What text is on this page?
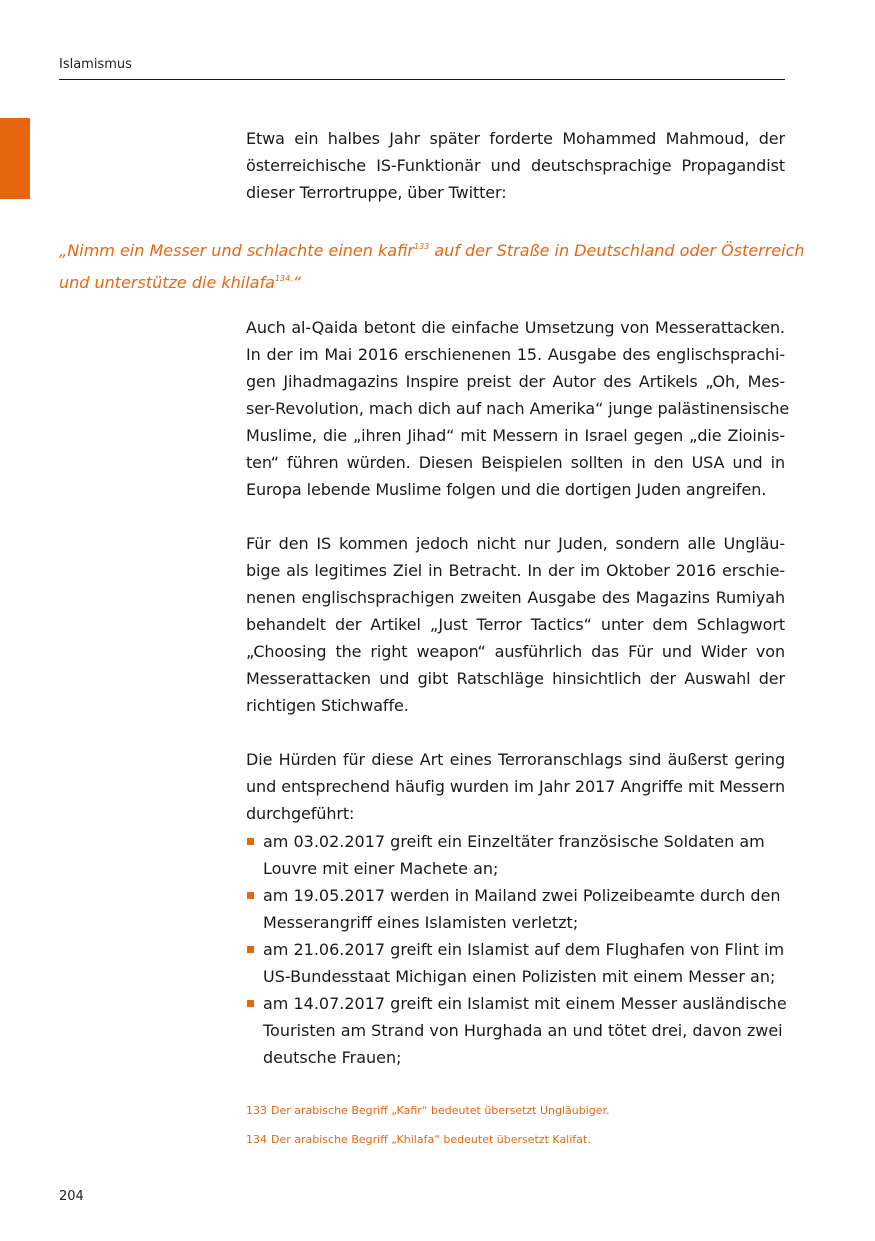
Islamismus
Etwa ein halbes Jahr später forderte Mohammed Mahmoud, der
österreichische IS-Funktionär und deutschsprachige Propagandist
dieser Terrortruppe, über Twitter:
„Nimm ein Messer und schlachte einen kafir$^{133}$ auf der Straße in Deutschland oder Österreich
und unterstütze die khilafa$^{134.}$“
Auch al-Qaida betont die einfache Umsetzung von Messerattacken.
In der im Mai 2016 erschienenen 15. Ausgabe des englischsprachi-
gen Jihadmagazins Inspire preist der Autor des Artikels „Oh, Mes-
ser-Revolution, mach dich auf nach Amerika“ junge palästinensische
Muslime, die „ihren Jihad“ mit Messern in Israel gegen „die Zioinis-
ten“ führen würden. Diesen Beispielen sollten in den USA und in
Europa lebende Muslime folgen und die dortigen Juden angreifen.
Für den IS kommen jedoch nicht nur Juden, sondern alle Ungläu-
bige als legitimes Ziel in Betracht. In der im Oktober 2016 erschie-
nenen englischsprachigen zweiten Ausgabe des Magazins Rumiyah
behandelt der Artikel „Just Terror Tactics“ unter dem Schlagwort
„Choosing the right weapon“ ausführlich das Für und Wider von
Messerattacken und gibt Ratschläge hinsichtlich der Auswahl der
richtigen Stichwaffe.
Die Hürden für diese Art eines Terroranschlags sind äußerst gering
und entsprechend häufig wurden im Jahr 2017 Angriffe mit Messern
durchgeführt:
am 03.02.2017 greift ein Einzeltäter französische Soldaten am
Louvre mit einer Machete an;
am 19.05.2017 werden in Mailand zwei Polizeibeamte durch den
Messerangriff eines Islamisten verletzt;
am 21.06.2017 greift ein Islamist auf dem Flughafen von Flint im
US-Bundesstaat Michigan einen Polizisten mit einem Messer an;
am 14.07.2017 greift ein Islamist mit einem Messer ausländische
Touristen am Strand von Hurghada an und tötet drei, davon zwei
deutsche Frauen;
133 Der arabische Begriff „Kafir“ bedeutet übersetzt Ungläubiger.
134 Der arabische Begriff „Khilafa“ bedeutet übersetzt Kalifat.
204
